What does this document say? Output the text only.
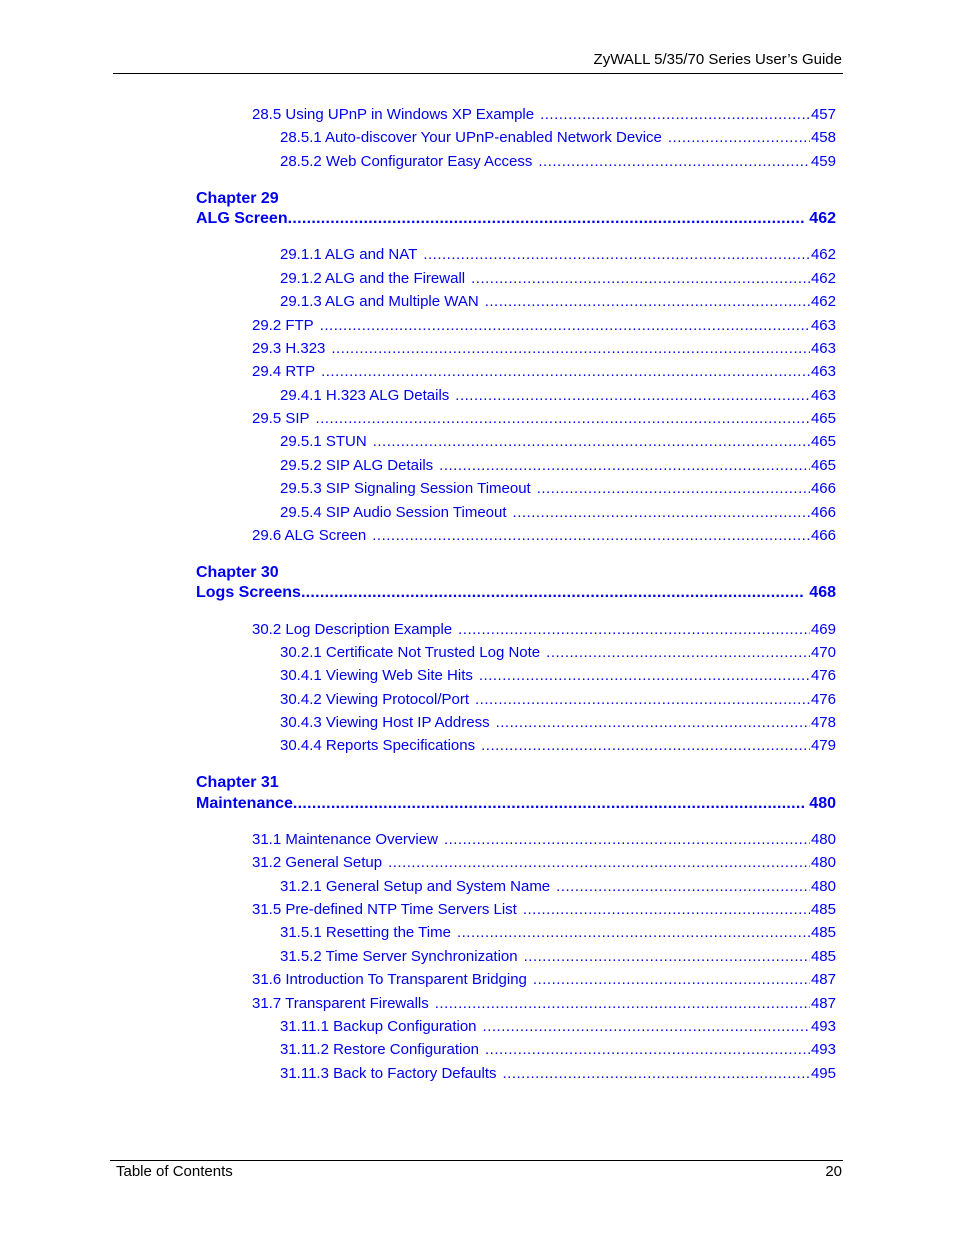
ZyWALL 5/35/70 Series User’s Guide
28.5 Using UPnP in Windows XP Example .....	457
28.5.1 Auto-discover Your UPnP-enabled Network Device .....	458
28.5.2 Web Configurator Easy Access .....	459
Chapter 29
ALG Screen .....	462
29.1.1 ALG and NAT .....	462
29.1.2 ALG and the Firewall .....	462
29.1.3 ALG and Multiple WAN .....	462
29.2 FTP .....	463
29.3 H.323 .....	463
29.4 RTP .....	463
29.4.1 H.323 ALG Details .....	463
29.5 SIP .....	465
29.5.1 STUN .....	465
29.5.2 SIP ALG Details .....	465
29.5.3 SIP Signaling Session Timeout .....	466
29.5.4 SIP Audio Session Timeout .....	466
29.6 ALG Screen .....	466
Chapter 30
Logs Screens .....	468
30.2 Log Description Example .....	469
30.2.1 Certificate Not Trusted Log Note .....	470
30.4.1 Viewing Web Site Hits .....	476
30.4.2 Viewing Protocol/Port .....	476
30.4.3 Viewing Host IP Address .....	478
30.4.4 Reports Specifications .....	479
Chapter 31
Maintenance .....	480
31.1 Maintenance Overview .....	480
31.2 General Setup .....	480
31.2.1 General Setup and System Name .....	480
31.5 Pre-defined NTP Time Servers List .....	485
31.5.1 Resetting the Time .....	485
31.5.2 Time Server Synchronization .....	485
31.6 Introduction To Transparent Bridging .....	487
31.7 Transparent Firewalls .....	487
31.11.1 Backup Configuration .....	493
31.11.2 Restore Configuration .....	493
31.11.3 Back to Factory Defaults .....	495
Table of Contents	20
